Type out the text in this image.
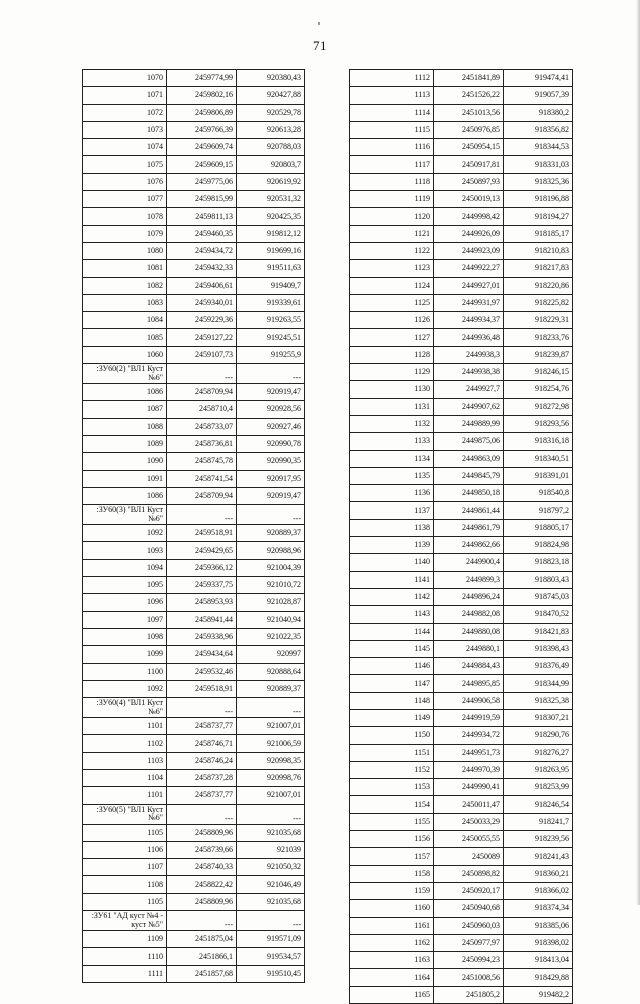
71
1070	2459774,99	920380,43
1071	2459802,16	920427,88
1072	2459806,89	920529,78
1073	2459766,39	920613,28
1074	2459609,74	920788,03
1075	2459609,15	920803,7
1076	2459775,06	920619,92
1077	2459815,99	920531,32
1078	2459811,13	920425,35
1079	2459460,35	919812,12
1080	2459434,72	919699,16
1081	2459432,33	919511,63
1082	2459406,61	919409,7
1083	2459340,01	919339,61
1084	2459229,36	919263,55
1085	2459127,22	919245,51
1060	2459107,73	919255,9

:ЗУ60(2) "ВЛ1 Куст
№6"	---	---
1086	2458709,94	920919,47
1087	2458710,4	920928,56
1088	2458733,07	920927,46
1089	2458736,81	920990,78
1090	2458745,78	920990,35
1091	2458741,54	920917,95
1086	2458709,94	920919,47

:ЗУ60(3) "ВЛ1 Куст
№6"	---	---
1092	2459518,91	920889,37
1093	2459429,65	920988,96
1094	2459366,12	921004,39
1095	2459337,75	921010,72
1096	2458953,93	921028,87
1097	2458941,44	921040,94
1098	2459338,96	921022,35
1099	2459434,64	920997
1100	2459532,46	920888,64
1092	2459518,91	920889,37

:ЗУ60(4) "ВЛ1 Куст
№6"	---	---
1101	2458737,77	921007,01
1102	2458746,71	921006,59
1103	2458746,24	920998,35
1104	2458737,28	920998,76
1101	2458737,77	921007,01

:ЗУ60(5) "ВЛ1 Куст
№6"	---	---
1105	2458809,96	921035,68
1106	2458739,66	921039
1107	2458740,33	921050,32
1108	2458822,42	921046,49
1105	2458809,96	921035,68

:ЗУ61 "АД куст №4 -
куст №5"	---	---
1109	2451875,04	919571,09
1110	2451866,1	919534,57
1111	2451857,68	919510,45
1112	2451841,89	919474,41
1113	2451526,22	919057,39
1114	2451013,56	918380,2
1115	2450976,85	918356,82
1116	2450954,15	918344,53
1117	2450917,81	918331,03
1118	2450897,93	918325,36
1119	2450019,13	918196,88
1120	2449998,42	918194,27
1121	2449926,09	918185,17
1122	2449923,09	918210,83
1123	2449922,27	918217,83
1124	2449927,01	918220,86
1125	2449931,97	918225,82
1126	2449934,37	918229,31
1127	2449936,48	918233,76
1128	2449938,3	918239,87
1129	2449938,38	918246,15
1130	2449927,7	918254,76
1131	2449907,62	918272,98
1132	2449889,99	918293,56
1133	2449875,06	918316,18
1134	2449863,09	918340,51
1135	2449845,79	918391,01
1136	2449850,18	918540,8
1137	2449861,44	918797,2
1138	2449861,79	918805,17
1139	2449862,66	918824,98
1140	2449900,4	918823,18
1141	2449899,3	918803,43
1142	2449896,24	918745,03
1143	2449882,08	918470,52
1144	2449880,08	918421,83
1145	2449880,1	918398,43
1146	2449884,43	918376,49
1147	2449895,85	918344,99
1148	2449906,58	918325,38
1149	2449919,59	918307,21
1150	2449934,72	918290,76
1151	2449951,73	918276,27
1152	2449970,39	918263,95
1153	2449990,41	918253,99
1154	2450011,47	918246,54
1155	2450033,29	918241,7
1156	2450055,55	918239,56
1157	2450089	918241,43
1158	2450898,82	918360,21
1159	2450920,17	918366,02
1160	2450940,68	918374,34
1161	2450960,03	918385,06
1162	2450977,97	918398,02
1163	2450994,23	918413,04
1164	2451008,56	918429,88
1165	2451805,2	919482,2
